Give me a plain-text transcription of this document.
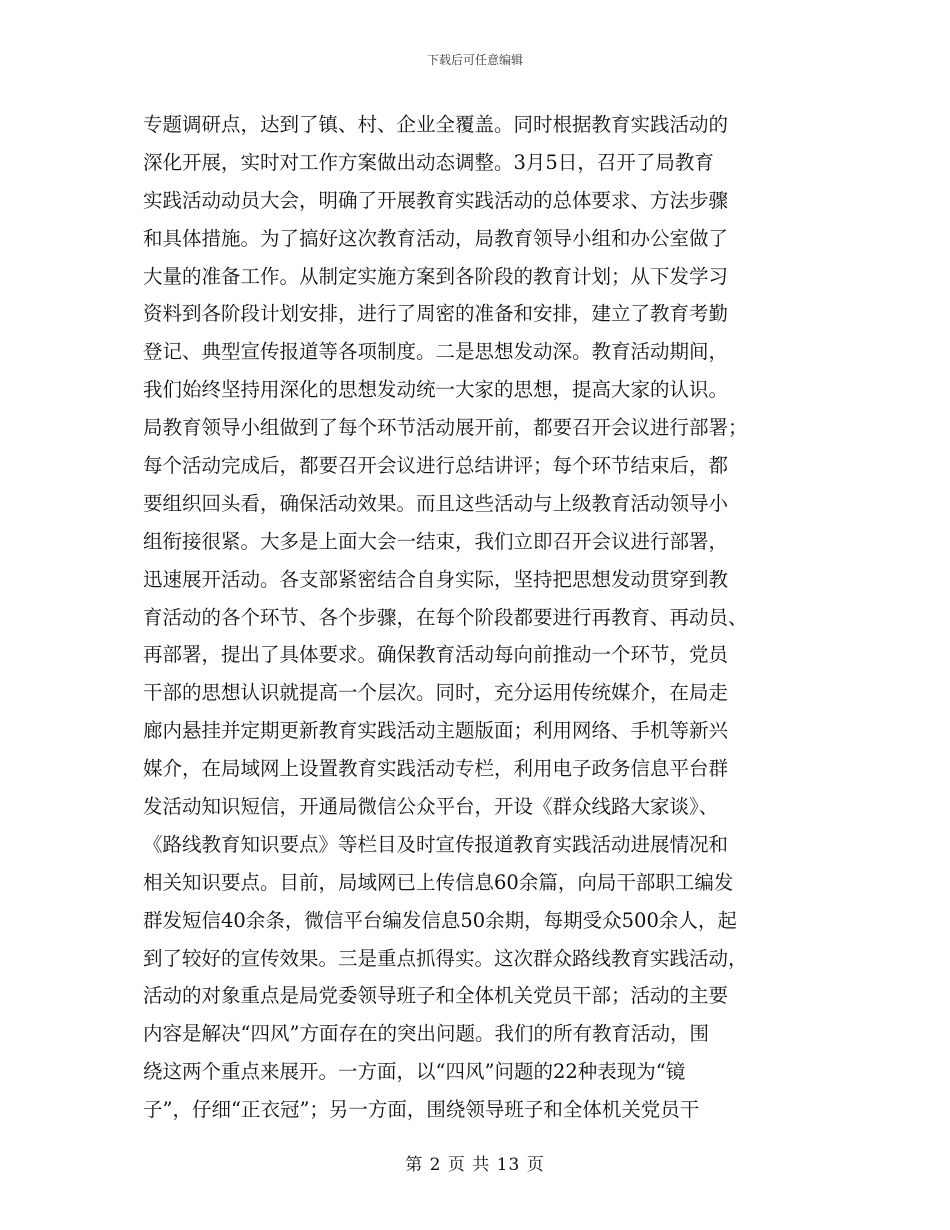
下载后可任意编辑
专题调研点，达到了镇、村、企业全覆盖。同时根据教育实践活动的
深化开展，实时对工作方案做出动态调整。3月5日，召开了局教育
实践活动动员大会，明确了开展教育实践活动的总体要求、方法步骤
和具体措施。为了搞好这次教育活动，局教育领导小组和办公室做了
大量的准备工作。从制定实施方案到各阶段的教育计划；从下发学习
资料到各阶段计划安排，进行了周密的准备和安排，建立了教育考勤
登记、典型宣传报道等各项制度。二是思想发动深。教育活动期间，
我们始终坚持用深化的思想发动统一大家的思想，提高大家的认识。
局教育领导小组做到了每个环节活动展开前，都要召开会议进行部署；
每个活动完成后，都要召开会议进行总结讲评；每个环节结束后，都
要组织回头看，确保活动效果。而且这些活动与上级教育活动领导小
组衔接很紧。大多是上面大会一结束，我们立即召开会议进行部署，
迅速展开活动。各支部紧密结合自身实际，坚持把思想发动贯穿到教
育活动的各个环节、各个步骤，在每个阶段都要进行再教育、再动员、
再部署，提出了具体要求。确保教育活动每向前推动一个环节，党员
干部的思想认识就提高一个层次。同时，充分运用传统媒介，在局走
廊内悬挂并定期更新教育实践活动主题版面；利用网络、手机等新兴
媒介，在局域网上设置教育实践活动专栏，利用电子政务信息平台群
发活动知识短信，开通局微信公众平台，开设《群众线路大家谈》、
《路线教育知识要点》等栏目及时宣传报道教育实践活动进展情况和
相关知识要点。目前，局域网已上传信息60余篇，向局干部职工编发
群发短信40余条，微信平台编发信息50余期，每期受众500余人，起
到了较好的宣传效果。三是重点抓得实。这次群众路线教育实践活动，
活动的对象重点是局党委领导班子和全体机关党员干部；活动的主要
内容是解决“四风”方面存在的突出问题。我们的所有教育活动，围
绕这两个重点来展开。一方面，以“四风”问题的22种表现为“镜
子”，仔细“正衣冠”；另一方面，围绕领导班子和全体机关党员干
第 2 页 共 13 页
